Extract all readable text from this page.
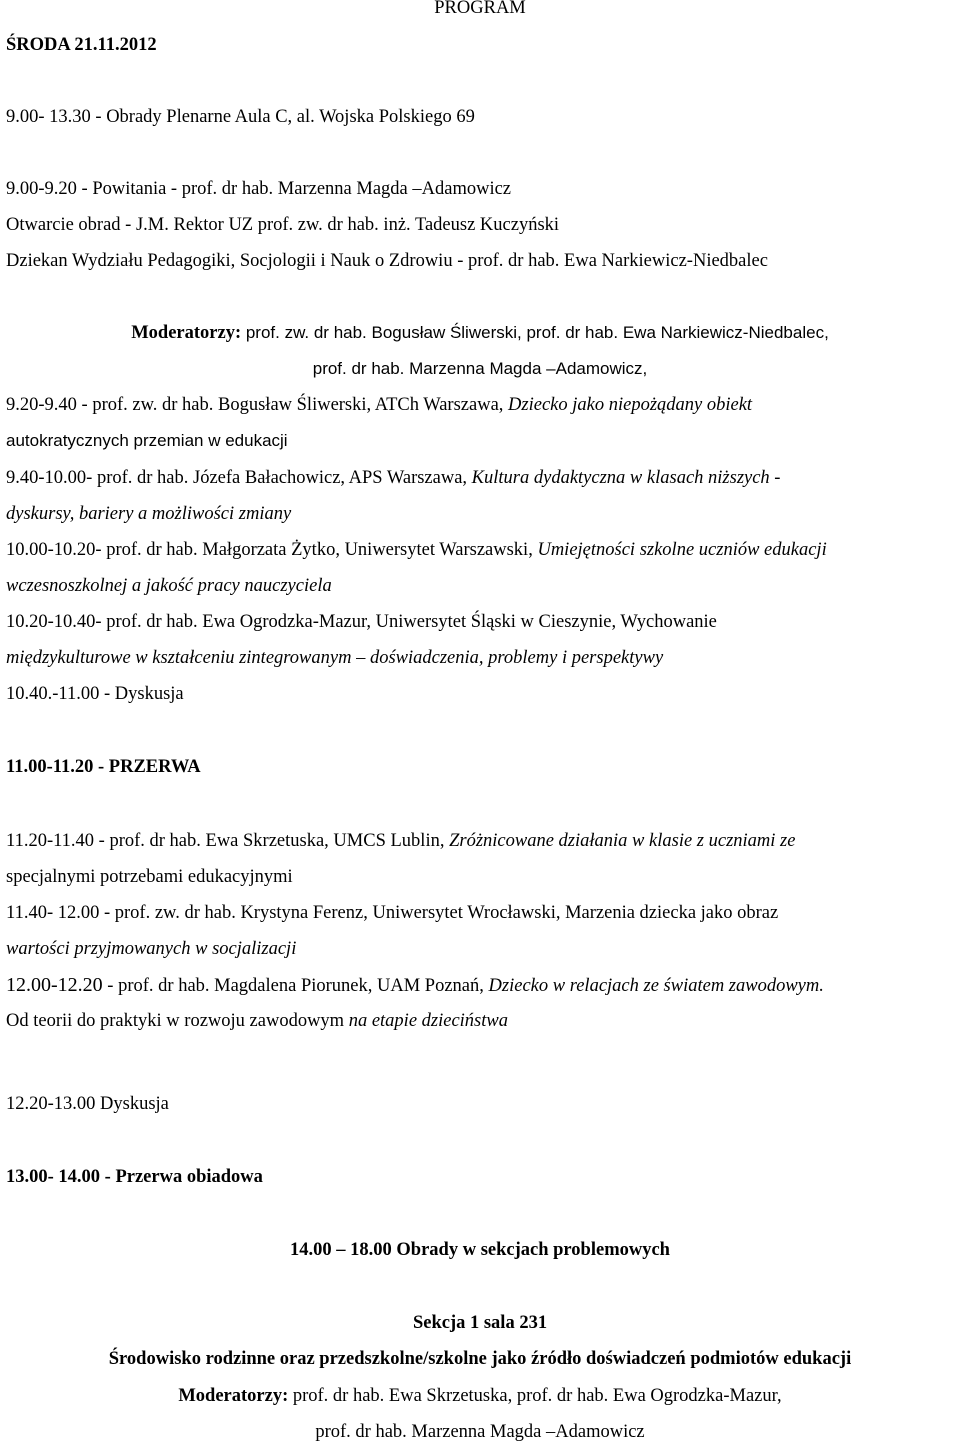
PROGRAM
ŚRODA 21.11.2012
9.00- 13.30 - Obrady Plenarne Aula C, al. Wojska Polskiego 69
9.00-9.20 - Powitania - prof. dr hab. Marzenna Magda –Adamowicz
Otwarcie obrad - J.M. Rektor UZ prof. zw. dr hab. inż. Tadeusz Kuczyński
Dziekan Wydziału Pedagogiki, Socjologii i Nauk o Zdrowiu - prof. dr hab. Ewa Narkiewicz-Niedbalec
Moderatorzy: prof. zw. dr hab. Bogusław Śliwerski, prof. dr hab. Ewa Narkiewicz-Niedbalec,
prof. dr hab. Marzenna Magda –Adamowicz,
9.20-9.40 - prof. zw. dr hab. Bogusław Śliwerski, ATCh Warszawa, Dziecko jako niepożądany obiekt
autokratycznych przemian w edukacji
9.40-10.00- prof. dr hab. Józefa Bałachowicz, APS Warszawa, Kultura dydaktyczna w klasach niższych -
dyskursy, bariery a możliwości zmiany
10.00-10.20- prof. dr hab. Małgorzata Żytko, Uniwersytet Warszawski, Umiejętności szkolne uczniów edukacji
wczesnoszkolnej a jakość pracy nauczyciela
10.20-10.40- prof. dr hab. Ewa Ogrodzka-Mazur, Uniwersytet Śląski w Cieszynie, Wychowanie
międzykulturowe w kształceniu zintegrowanym – doświadczenia, problemy i perspektywy
10.40.-11.00 - Dyskusja
11.00-11.20 - PRZERWA
11.20-11.40 - prof. dr hab. Ewa Skrzetuska, UMCS Lublin, Zróżnicowane działania w klasie z uczniami ze
specjalnymi potrzebami edukacyjnymi
11.40- 12.00 - prof. zw. dr hab. Krystyna Ferenz, Uniwersytet Wrocławski, Marzenia dziecka jako obraz
wartości przyjmowanych w socjalizacji
12.00-12.20 - prof. dr hab. Magdalena Piorunek, UAM Poznań, Dziecko w relacjach ze światem zawodowym.
Od teorii do praktyki w rozwoju zawodowym na etapie dzieciństwa
12.20-13.00 Dyskusja
13.00- 14.00 - Przerwa obiadowa
14.00 – 18.00 Obrady w sekcjach problemowych
Sekcja 1 sala 231
Środowisko rodzinne oraz przedszkolne/szkolne jako źródło doświadczeń podmiotów edukacji
Moderatorzy: prof. dr hab. Ewa Skrzetuska, prof. dr hab. Ewa Ogrodzka-Mazur,
prof. dr hab. Marzenna Magda –Adamowicz
